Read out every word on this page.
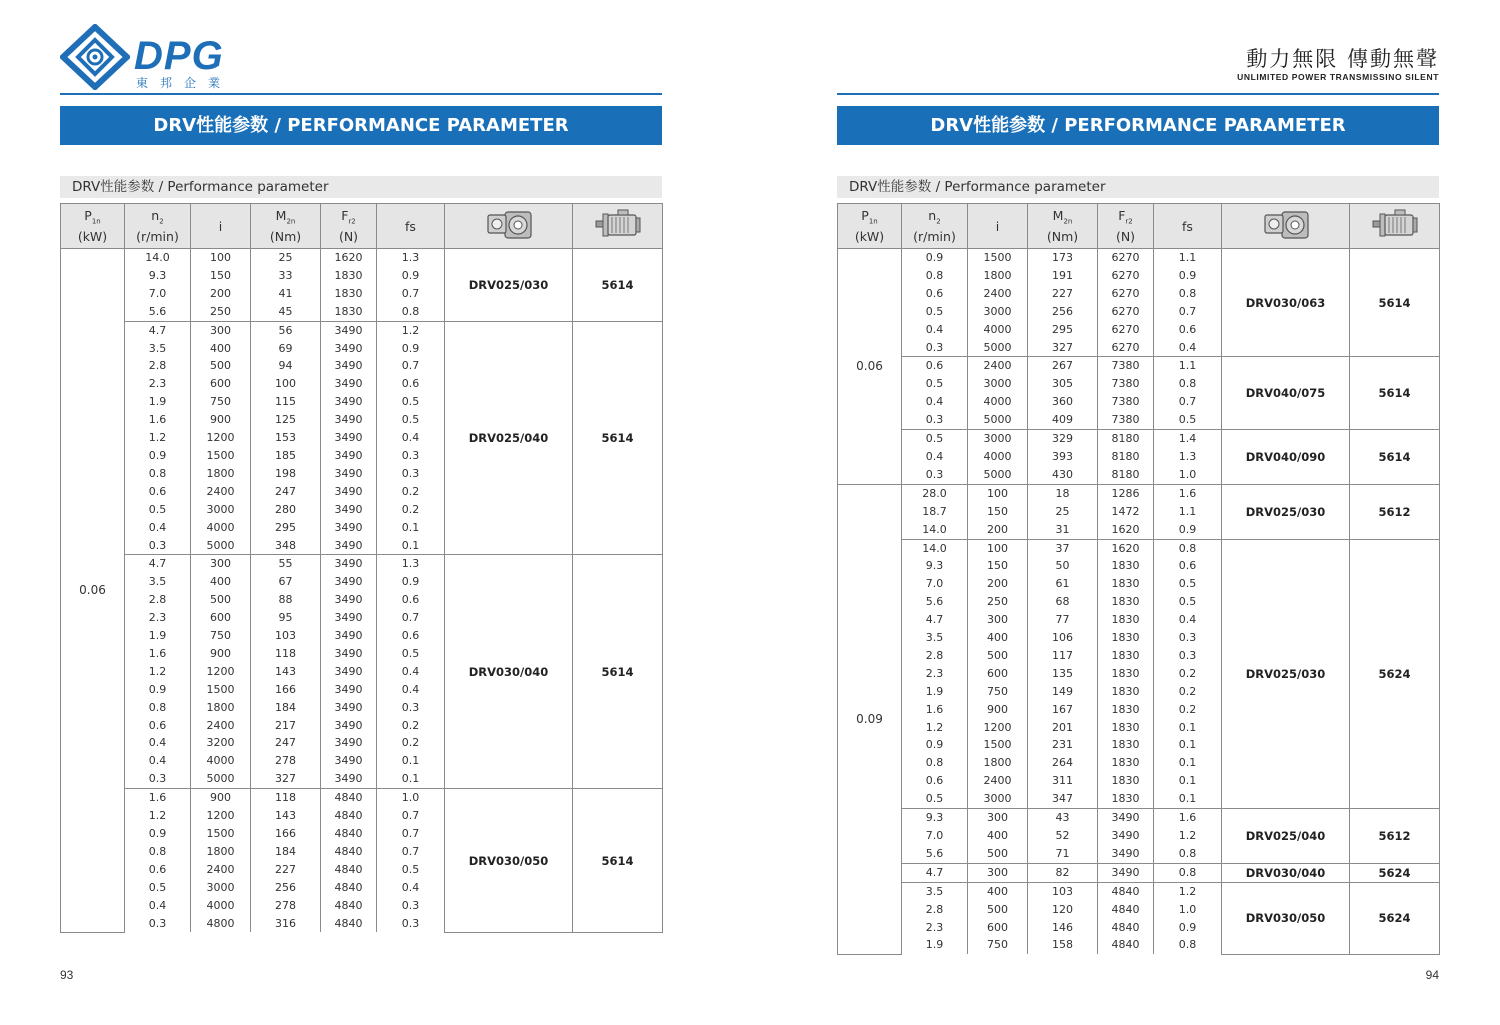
DPG
東邦企業
DRV性能参数 / PERFORMANCE PARAMETER
DRV性能参数 / Performance parameter
$P_{1n}$
(kW)	$n_2$
(r/min)	i	$M_{2n}$
(Nm)	$F_{r2}$
(N)	fs		
0.06	14.0	100	25	1620	1.3	DRV025/030	5614
	9.3	150	33	1830	0.9		
	7.0	200	41	1830	0.7		
	5.6	250	45	1830	0.8		
	4.7	300	56	3490	1.2	DRV025/040	5614
	3.5	400	69	3490	0.9		
	2.8	500	94	3490	0.7		
	2.3	600	100	3490	0.6		
	1.9	750	115	3490	0.5		
	1.6	900	125	3490	0.5		
	1.2	1200	153	3490	0.4		
	0.9	1500	185	3490	0.3		
	0.8	1800	198	3490	0.3		
	0.6	2400	247	3490	0.2		
	0.5	3000	280	3490	0.2		
	0.4	4000	295	3490	0.1		
	0.3	5000	348	3490	0.1		
	4.7	300	55	3490	1.3	DRV030/040	5614
	3.5	400	67	3490	0.9		
	2.8	500	88	3490	0.6		
	2.3	600	95	3490	0.7		
	1.9	750	103	3490	0.6		
	1.6	900	118	3490	0.5		
	1.2	1200	143	3490	0.4		
	0.9	1500	166	3490	0.4		
	0.8	1800	184	3490	0.3		
	0.6	2400	217	3490	0.2		
	0.4	3200	247	3490	0.2		
	0.4	4000	278	3490	0.1		
	0.3	5000	327	3490	0.1		
	1.6	900	118	4840	1.0	DRV030/050	5614
	1.2	1200	143	4840	0.7		
	0.9	1500	166	4840	0.7		
	0.8	1800	184	4840	0.7		
	0.6	2400	227	4840	0.5		
	0.5	3000	256	4840	0.4		
	0.4	4000	278	4840	0.3		
	0.3	4800	316	4840	0.3		
93
動力無限 傳動無聲
UNLIMITED POWER TRANSMISSINO SILENT
DRV性能参数 / PERFORMANCE PARAMETER
DRV性能参数 / Performance parameter
$P_{1n}$
(kW)	$n_2$
(r/min)	i	$M_{2n}$
(Nm)	$F_{r2}$
(N)	fs		
0.06	0.9	1500	173	6270	1.1	DRV030/063	5614
	0.8	1800	191	6270	0.9		
	0.6	2400	227	6270	0.8		
	0.5	3000	256	6270	0.7		
	0.4	4000	295	6270	0.6		
	0.3	5000	327	6270	0.4		
	0.6	2400	267	7380	1.1	DRV040/075	5614
	0.5	3000	305	7380	0.8		
	0.4	4000	360	7380	0.7		
	0.3	5000	409	7380	0.5		
	0.5	3000	329	8180	1.4	DRV040/090	5614
	0.4	4000	393	8180	1.3		
	0.3	5000	430	8180	1.0		
0.09	28.0	100	18	1286	1.6	DRV025/030	5612
	18.7	150	25	1472	1.1		
	14.0	200	31	1620	0.9		
	14.0	100	37	1620	0.8	DRV025/030	5624
	9.3	150	50	1830	0.6		
	7.0	200	61	1830	0.5		
	5.6	250	68	1830	0.5		
	4.7	300	77	1830	0.4		
	3.5	400	106	1830	0.3		
	2.8	500	117	1830	0.3		
	2.3	600	135	1830	0.2		
	1.9	750	149	1830	0.2		
	1.6	900	167	1830	0.2		
	1.2	1200	201	1830	0.1		
	0.9	1500	231	1830	0.1		
	0.8	1800	264	1830	0.1		
	0.6	2400	311	1830	0.1		
	0.5	3000	347	1830	0.1		
	9.3	300	43	3490	1.6	DRV025/040	5612
	7.0	400	52	3490	1.2		
	5.6	500	71	3490	0.8		
	4.7	300	82	3490	0.8	DRV030/040	5624
	3.5	400	103	4840	1.2	DRV030/050	5624
	2.8	500	120	4840	1.0		
	2.3	600	146	4840	0.9		
	1.9	750	158	4840	0.8		
94
